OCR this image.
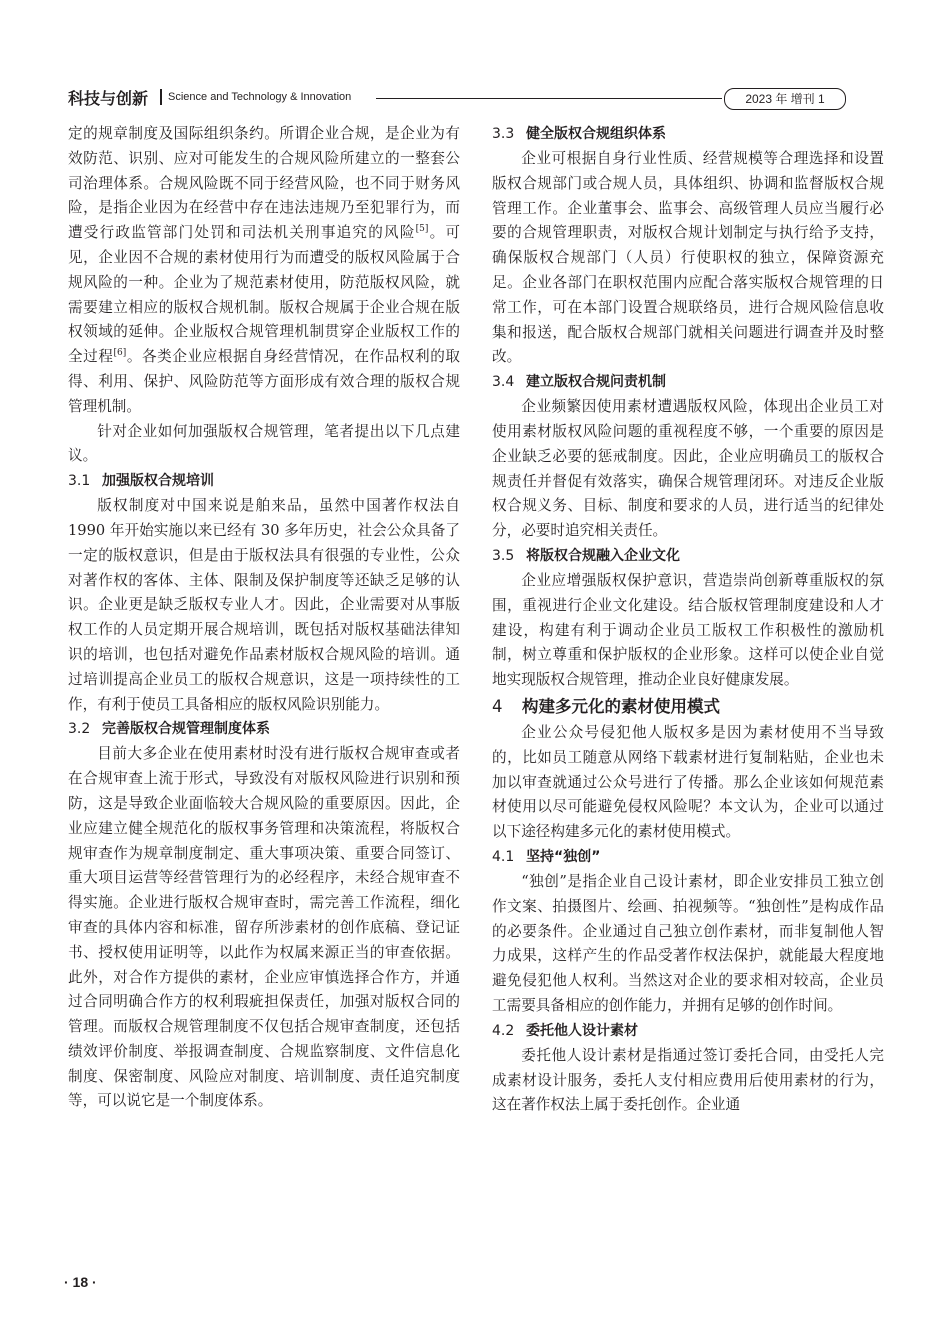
科技与创新 Science and Technology & Innovation	2023 年 增刊 1

定的规章制度及国际组织条约。所谓企业合规，是企业为有效防范、识别、应对可能发生的合规风险所建立的一整套公司治理体系。合规风险既不同于经营风险，也不同于财务风险，是指企业因为在经营中存在违法违规乃至犯罪行为，而遭受行政监管部门处罚和司法机关刑事追究的风险[5]。可见，企业因不合规的素材使用行为而遭受的版权风险属于合规风险的一种。企业为了规范素材使用，防范版权风险，就需要建立相应的版权合规机制。版权合规属于企业合规在版权领域的延伸。企业版权合规管理机制贯穿企业版权工作的全过程[6]。各类企业应根据自身经营情况，在作品权利的取得、利用、保护、风险防范等方面形成有效合理的版权合规管理机制。

针对企业如何加强版权合规管理，笔者提出以下几点建议。

3.1 加强版权合规培训

版权制度对中国来说是舶来品，虽然中国著作权法自 1990 年开始实施以来已经有 30 多年历史，社会公众具备了一定的版权意识，但是由于版权法具有很强的专业性，公众对著作权的客体、主体、限制及保护制度等还缺乏足够的认识。企业更是缺乏版权专业人才。因此，企业需要对从事版权工作的人员定期开展合规培训，既包括对版权基础法律知识的培训，也包括对避免作品素材版权合规风险的培训。通过培训提高企业员工的版权合规意识，这是一项持续性的工作，有利于使员工具备相应的版权风险识别能力。

3.2 完善版权合规管理制度体系

目前大多企业在使用素材时没有进行版权合规审查或者在合规审查上流于形式，导致没有对版权风险进行识别和预防，这是导致企业面临较大合规风险的重要原因。因此，企业应建立健全规范化的版权事务管理和决策流程，将版权合规审查作为规章制度制定、重大事项决策、重要合同签订、重大项目运营等经营管理行为的必经程序，未经合规审查不得实施。企业进行版权合规审查时，需完善工作流程，细化审查的具体内容和标准，留存所涉素材的创作底稿、登记证书、授权使用证明等，以此作为权属来源正当的审查依据。此外，对合作方提供的素材，企业应审慎选择合作方，并通过合同明确合作方的权利瑕疵担保责任，加强对版权合同的管理。而版权合规管理制度不仅包括合规审查制度，还包括绩效评价制度、举报调查制度、合规监察制度、文件信息化制度、保密制度、风险应对制度、培训制度、责任追究制度等，可以说它是一个制度体系。

3.3 健全版权合规组织体系

企业可根据自身行业性质、经营规模等合理选择和设置版权合规部门或合规人员，具体组织、协调和监督版权合规管理工作。企业董事会、监事会、高级管理人员应当履行必要的合规管理职责，对版权合规计划制定与执行给予支持，确保版权合规部门（人员）行使职权的独立，保障资源充足。企业各部门在职权范围内应配合落实版权合规管理的日常工作，可在本部门设置合规联络员，进行合规风险信息收集和报送，配合版权合规部门就相关问题进行调查并及时整改。

3.4 建立版权合规问责机制

企业频繁因使用素材遭遇版权风险，体现出企业员工对使用素材版权风险问题的重视程度不够，一个重要的原因是企业缺乏必要的惩戒制度。因此，企业应明确员工的版权合规责任并督促有效落实，确保合规管理闭环。对违反企业版权合规义务、目标、制度和要求的人员，进行适当的纪律处分，必要时追究相关责任。

3.5 将版权合规融入企业文化

企业应增强版权保护意识，营造崇尚创新尊重版权的氛围，重视进行企业文化建设。结合版权管理制度建设和人才建设，构建有利于调动企业员工版权工作积极性的激励机制，树立尊重和保护版权的企业形象。这样可以使企业自觉地实现版权合规管理，推动企业良好健康发展。

4 构建多元化的素材使用模式

企业公众号侵犯他人版权多是因为素材使用不当导致的，比如员工随意从网络下载素材进行复制粘贴，企业也未加以审查就通过公众号进行了传播。那么企业该如何规范素材使用以尽可能避免侵权风险呢？本文认为，企业可以通过以下途径构建多元化的素材使用模式。

4.1 坚持“独创”

“独创”是指企业自己设计素材，即企业安排员工独立创作文案、拍摄图片、绘画、拍视频等。“独创性”是构成作品的必要条件。企业通过自己独立创作素材，而非复制他人智力成果，这样产生的作品受著作权法保护，就能最大程度地避免侵犯他人权利。当然这对企业的要求相对较高，企业员工需要具备相应的创作能力，并拥有足够的创作时间。

4.2 委托他人设计素材

委托他人设计素材是指通过签订委托合同，由受托人完成素材设计服务，委托人支付相应费用后使用素材的行为，这在著作权法上属于委托创作。企业通

· 18 ·
